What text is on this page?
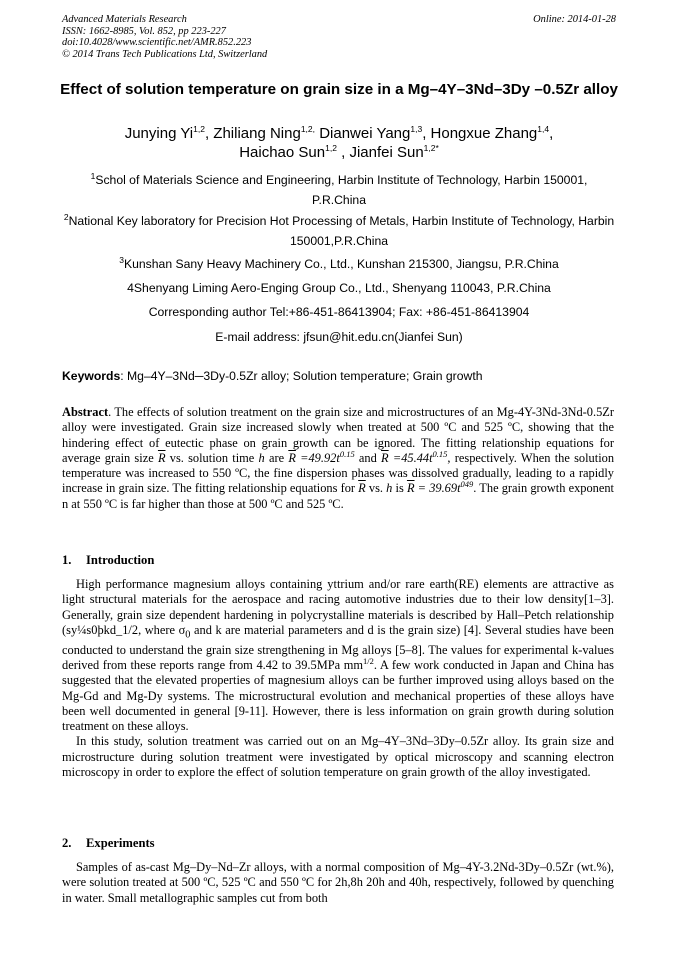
Advanced Materials Research
ISSN: 1662-8985, Vol. 852, pp 223-227
doi:10.4028/www.scientific.net/AMR.852.223
© 2014 Trans Tech Publications Ltd, Switzerland
Online: 2014-01-28
Effect of solution temperature on grain size in a Mg–4Y–3Nd–3Dy –0.5Zr alloy
Junying Yi$^{1,2}$, Zhiliang Ning$^{1,2,}$ Dianwei Yang$^{1,3}$, Hongxue Zhang$^{1,4}$,
Haichao Sun$^{1,2}$ , Jianfei Sun$^{1,2*}$
$^1$Schol of Materials Science and Engineering, Harbin Institute of Technology, Harbin 150001, P.R.China
$^2$National Key laboratory for Precision Hot Processing of Metals, Harbin Institute of Technology, Harbin 150001,P.R.China
$^3$Kunshan Sany Heavy Machinery Co., Ltd., Kunshan 215300, Jiangsu, P.R.China
4Shenyang Liming Aero-Enging Group Co., Ltd., Shenyang 110043, P.R.China
Corresponding author Tel:+86-451-86413904; Fax: +86-451-86413904
E-mail address: jfsun@hit.edu.cn(Jianfei Sun)
Keywords: Mg–4Y–3Nd─3Dy-0.5Zr alloy; Solution temperature; Grain growth
Abstract. The effects of solution treatment on the grain size and microstructures of an Mg-4Y-3Nd-3Nd-0.5Zr alloy were investigated. Grain size increased slowly when treated at 500 ºC and 525 ºC, showing that the hindering effect of eutectic phase on grain growth can be ignored. The fitting relationship equations for average grain size $\overline{R}$ vs. solution time h are $\overline{R} =49.92t^{0.15}$ and $\overline{R} =45.44t^{0.15}$, respectively. When the solution temperature was increased to 550 ºC, the fine dispersion phases was dissolved gradually, leading to a rapidly increase in grain size. The fitting relationship equations for $\overline{R}$ vs. h is $\overline{R} = 39.69t^{049}$. The grain growth exponent n at 550 ºC is far higher than those at 500 ºC and 525 ºC.
1. Introduction
High performance magnesium alloys containing yttrium and/or rare earth(RE) elements are attractive as light structural materials for the aerospace and racing automotive industries due to their low density[1–3]. Generally, grain size dependent hardening in polycrystalline materials is described by Hall–Petch relationship (sy¼s0þkd_1/2, where $\sigma_0$ and k are material parameters and d is the grain size) [4]. Several studies have been conducted to understand the grain size strengthening in Mg alloys [5–8]. The values for experimental k-values derived from these reports range from 4.42 to 39.5MPa $mm^{1/2}$. A few work conducted in Japan and China has suggested that the elevated properties of magnesium alloys can be further improved using alloys based on the Mg-Gd and Mg-Dy systems. The microstructural evolution and mechanical properties of these alloys have been well documented in general [9-11]. However, there is less information on grain growth during solution treatment on these alloys.
In this study, solution treatment was carried out on an Mg–4Y–3Nd–3Dy–0.5Zr alloy. Its grain size and microstructure during solution treatment were investigated by optical microscopy and scanning electron microscopy in order to explore the effect of solution temperature on grain growth of the alloy investigated.
2. Experiments
Samples of as-cast Mg–Dy–Nd–Zr alloys, with a normal composition of Mg–4Y-3.2Nd-3Dy–0.5Zr (wt.%), were solution treated at 500 ºC, 525 ºC and 550 ºC for 2h,8h 20h and 40h, respectively, followed by quenching in water. Small metallographic samples cut from both
